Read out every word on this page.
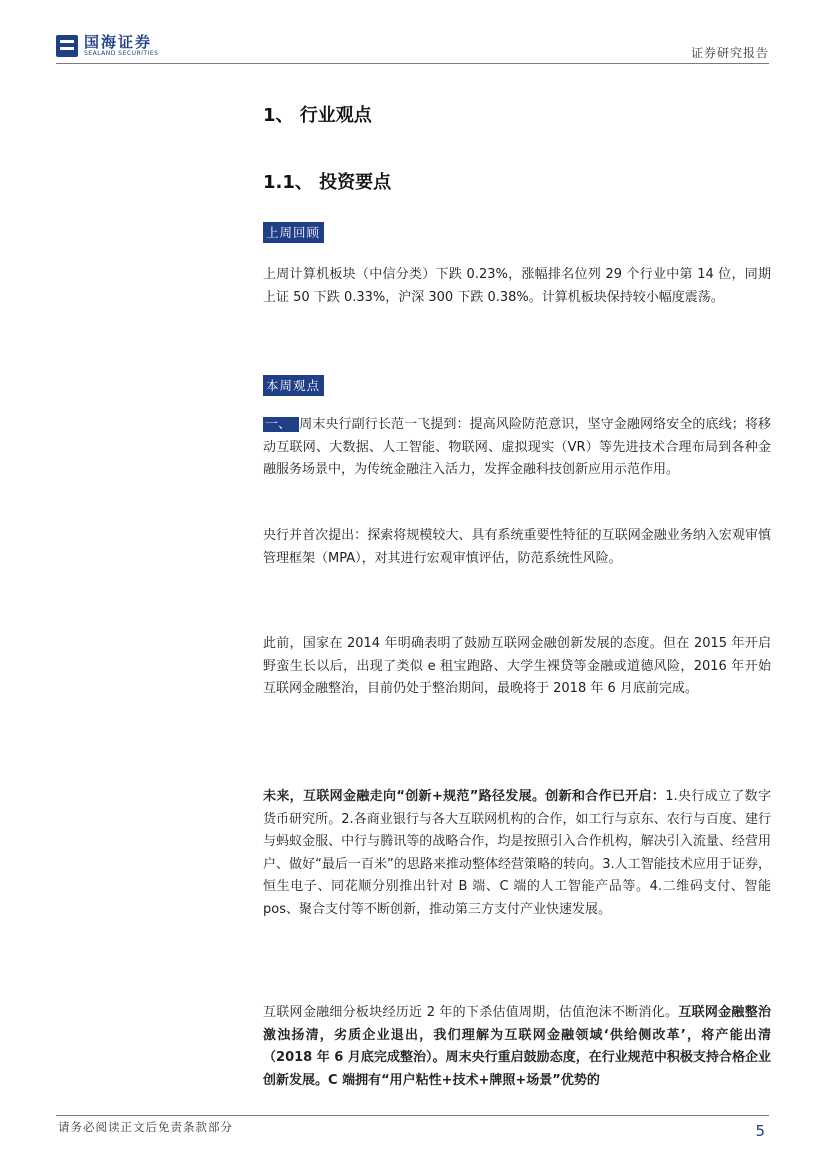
国海证券
SEALAND SECURITIES	证券研究报告
1、 行业观点
1.1、 投资要点
上周回顾
上周计算机板块（中信分类）下跌 0.23%，涨幅排名位列 29 个行业中第 14 位，同期上证 50 下跌 0.33%，沪深 300 下跌 0.38%。计算机板块保持较小幅度震荡。
本周观点
一、 周末央行副行长范一飞提到：提高风险防范意识，坚守金融网络安全的底线；将移动互联网、大数据、人工智能、物联网、虚拟现实（VR）等先进技术合理布局到各种金融服务场景中，为传统金融注入活力，发挥金融科技创新应用示范作用。
央行并首次提出：探索将规模较大、具有系统重要性特征的互联网金融业务纳入宏观审慎管理框架（MPA），对其进行宏观审慎评估，防范系统性风险。
此前，国家在 2014 年明确表明了鼓励互联网金融创新发展的态度。但在 2015 年开启野蛮生长以后，出现了类似 e 租宝跑路、大学生裸贷等金融或道德风险，2016 年开始互联网金融整治，目前仍处于整治期间，最晚将于 2018 年 6 月底前完成。
未来，互联网金融走向“创新+规范”路径发展。创新和合作已开启：1.央行成立了数字货币研究所。2.各商业银行与各大互联网机构的合作，如工行与京东、农行与百度、建行与蚂蚁金服、中行与腾讯等的战略合作，均是按照引入合作机构，解决引入流量、经营用户、做好“最后一百米”的思路来推动整体经营策略的转向。3.人工智能技术应用于证券，恒生电子、同花顺分别推出针对 B 端、C 端的人工智能产品等。4.二维码支付、智能 pos、聚合支付等不断创新，推动第三方支付产业快速发展。
互联网金融细分板块经历近 2 年的下杀估值周期，估值泡沫不断消化。互联网金融整治激浊扬清，劣质企业退出，我们理解为互联网金融领域‘供给侧改革’，将产能出清（2018 年 6 月底完成整治）。周末央行重启鼓励态度，在行业规范中积极支持合格企业创新发展。C 端拥有“用户粘性+技术+牌照+场景”优势的
请务必阅读正文后免责条款部分	5
